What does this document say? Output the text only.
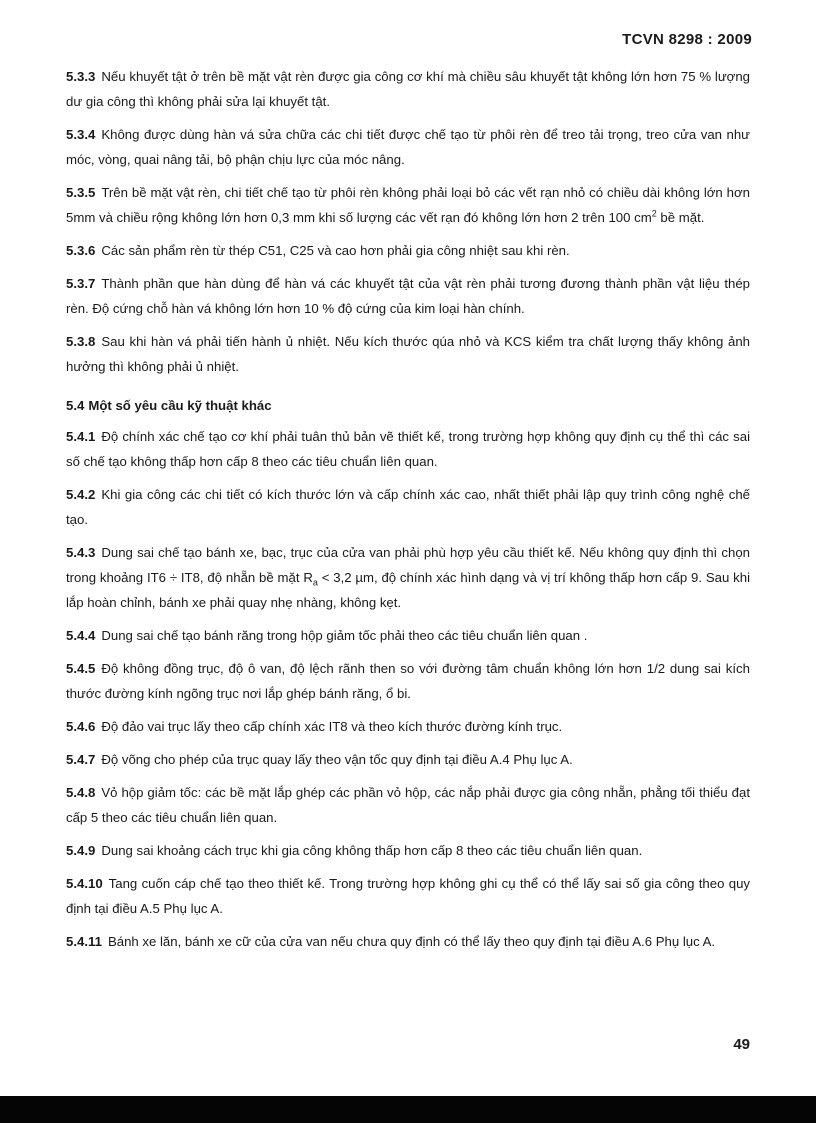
TCVN 8298 : 2009

5.3.3 Nếu khuyết tật ở trên bề mặt vật rèn được gia công cơ khí mà chiều sâu khuyết tật không lớn hơn 75 % lượng dư gia công thì không phải sửa lại khuyết tật.

5.3.4 Không được dùng hàn vá sửa chữa các chi tiết được chế tạo từ phôi rèn để treo tải trọng, treo cửa van như móc, vòng, quai nâng tải, bộ phận chịu lực của móc nâng.

5.3.5 Trên bề mặt vật rèn, chi tiết chế tạo từ phôi rèn không phải loại bỏ các vết rạn nhỏ có chiều dài không lớn hơn 5mm và chiều rộng không lớn hơn 0,3 mm khi số lượng các vết rạn đó không lớn hơn 2 trên 100 $cm^2$ bề mặt.

5.3.6 Các sản phẩm rèn từ thép C51, C25 và cao hơn phải gia công nhiệt sau khi rèn.

5.3.7 Thành phần que hàn dùng để hàn vá các khuyết tật của vật rèn phải tương đương thành phần vật liệu thép rèn. Độ cứng chỗ hàn vá không lớn hơn 10 % độ cứng của kim loại hàn chính.

5.3.8 Sau khi hàn vá phải tiến hành ủ nhiệt. Nếu kích thước qúa nhỏ và KCS kiểm tra chất lượng thấy không ảnh hưởng thì không phải ủ nhiệt.

5.4 Một số yêu cầu kỹ thuật khác

5.4.1 Độ chính xác chế tạo cơ khí phải tuân thủ bản vẽ thiết kế, trong trường hợp không quy định cụ thể thì các sai số chế tạo không thấp hơn cấp 8 theo các tiêu chuẩn liên quan.

5.4.2 Khi gia công các chi tiết có kích thước lớn và cấp chính xác cao, nhất thiết phải lập quy trình công nghệ chế tạo.

5.4.3 Dung sai chế tạo bánh xe, bạc, trục của cửa van phải phù hợp yêu cầu thiết kế. Nếu không quy định thì chọn trong khoảng IT6 ÷ IT8, độ nhẵn bề mặt $R_a < 3,2$ µm, độ chính xác hình dạng và vị trí không thấp hơn cấp 9. Sau khi lắp hoàn chỉnh, bánh xe phải quay nhẹ nhàng, không kẹt.

5.4.4 Dung sai chế tạo bánh răng trong hộp giảm tốc phải theo các tiêu chuẩn liên quan .

5.4.5 Độ không đồng trục, độ ô van, độ lệch rãnh then so với đường tâm chuẩn không lớn hơn 1/2 dung sai kích thước đường kính ngõng trục nơi lắp ghép bánh răng, ổ bi.

5.4.6 Độ đảo vai trục lấy theo cấp chính xác IT8 và theo kích thước đường kính trục.

5.4.7 Độ võng cho phép của trục quay lấy theo vận tốc quy định tại điều A.4 Phụ lục A.

5.4.8 Vỏ hộp giảm tốc: các bề mặt lắp ghép các phần vỏ hộp, các nắp phải được gia công nhẵn, phẳng tối thiểu đạt cấp 5 theo các tiêu chuẩn liên quan.

5.4.9 Dung sai khoảng cách trục khi gia công không thấp hơn cấp 8 theo các tiêu chuẩn liên quan.

5.4.10 Tang cuốn cáp chế tạo theo thiết kế. Trong trường hợp không ghi cụ thể có thể lấy sai số gia công theo quy định tại điều A.5 Phụ lục A.

5.4.11 Bánh xe lăn, bánh xe cữ của cửa van nếu chưa quy định có thể lấy theo quy định tại điều A.6 Phụ lục A.

49
